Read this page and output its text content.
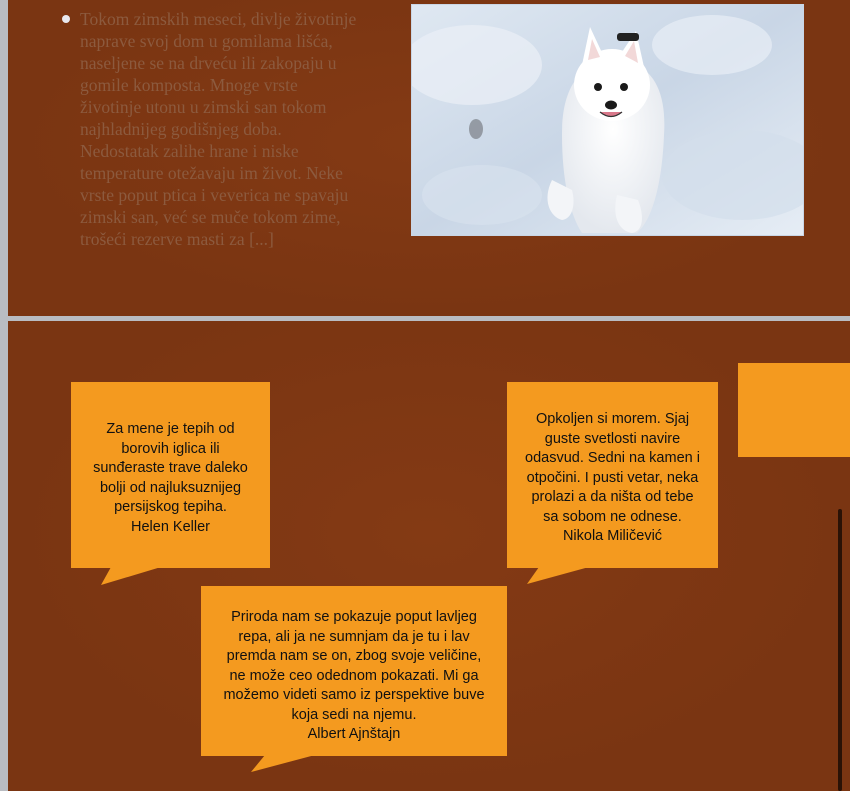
Tokom zimskih meseci, divlje životinje naprave svoj dom u gomilama lišća, naseljene se na drveću ili zakopaju u gomile komposta. Mnoge vrste životinje utonu u zimski san tokom najhladnijeg godišnjeg doba. Nedostatak zalihe hrane i niske temperature otežavaju im život. Neke vrste poput ptica i veverica ne spavaju zimski san, već se muče tokom zime, trošeći rezerve masti za [...]
Za mene je tepih od
borovih iglica ili
sunđeraste trave daleko
bolji od najluksuznijeg
persijskog tepiha.
Helen Keller
Opkoljen si morem. Sjaj
guste svetlosti navire
odasvud. Sedni na kamen i
otpočini. I pusti vetar, neka
prolazi a da ništa od tebe
sa sobom ne odnese.
Nikola Miličević
Priroda nam se pokazuje poput lavljeg
repa, ali ja ne sumnjam da je tu i lav
premda nam se on, zbog svoje veličine,
ne može ceo odednom pokazati. Mi ga
možemo videti samo iz perspektive buve
koja sedi na njemu.
Albert Ajnštajn
